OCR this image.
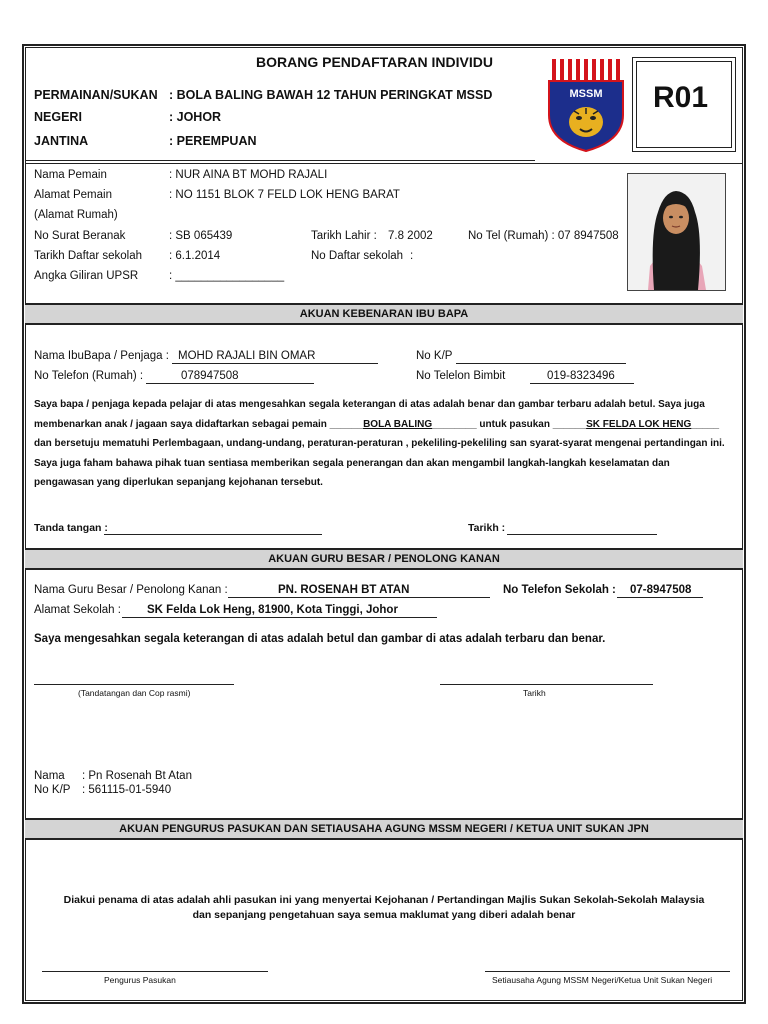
BORANG PENDAFTARAN INDIVIDU
PERMAINAN/SUKAN : BOLA BALING BAWAH 12 TAHUN PERINGKAT MSSD
NEGERI	: JOHOR
JANTINA	: PEREMPUAN
MSSM R01
Nama Pemain	: NUR AINA BT MOHD RAJALI
Alamat Pemain	: NO 1151 BLOK 7 FELD LOK HENG BARAT
(Alamat Rumah)
No Surat Beranak	: SB 065439	Tarikh Lahir : 7.8 2002	No Tel (Rumah) : 07 8947508
Tarikh Daftar sekolah : 6.1.2014	No Daftar sekolah :
Angka Giliran UPSR	: _________________
AKUAN KEBENARAN IBU BAPA
Nama IbuBapa / Penjaga : MOHD RAJALI BIN OMAR	No K/P
No Telefon (Rumah) :	078947508	No Telelon Bimbit	019-8323496
Saya bapa / penjaga kepada pelajar di atas mengesahkan segala keterangan di atas adalah benar dan gambar terbaru adalah betul. Saya juga
membenarkan anak / jagaan saya didaftarkan sebagai pemain ______BOLA BALING________ untuk pasukan ______SK FELDA LOK HENG_____
dan bersetuju mematuhi Perlembagaan, undang-undang, peraturan-peraturan , pekeliling-pekeliling san syarat-syarat mengenai pertandingan ini.
Saya juga faham bahawa pihak tuan sentiasa memberikan segala penerangan dan akan mengambil langkah-langkah keselamatan dan
pengawasan yang diperlukan sepanjang kejohanan tersebut.
Tanda tangan :	Tarikh :
AKUAN GURU BESAR / PENOLONG KANAN
Nama Guru Besar / Penolong Kanan :	PN. ROSENAH BT ATAN	No Telefon Sekolah : 07-8947508
Alamat Sekolah : SK Felda Lok Heng, 81900, Kota Tinggi, Johor
Saya mengesahkan segala keterangan di atas adalah betul dan gambar di atas adalah terbaru dan benar.
(Tandatangan dan Cop rasmi)	Tarikh
Nama : Pn Rosenah Bt Atan
No K/P : 561115-01-5940
AKUAN PENGURUS PASUKAN DAN SETIAUSAHA AGUNG MSSM NEGERI / KETUA UNIT SUKAN JPN
Diakui penama di atas adalah ahli pasukan ini yang menyertai Kejohanan / Pertandingan Majlis Sukan Sekolah-Sekolah Malaysia
dan sepanjang pengetahuan saya semua maklumat yang diberi adalah benar
Pengurus Pasukan	Setiausaha Agung MSSM Negeri/Ketua Unit Sukan Negeri
